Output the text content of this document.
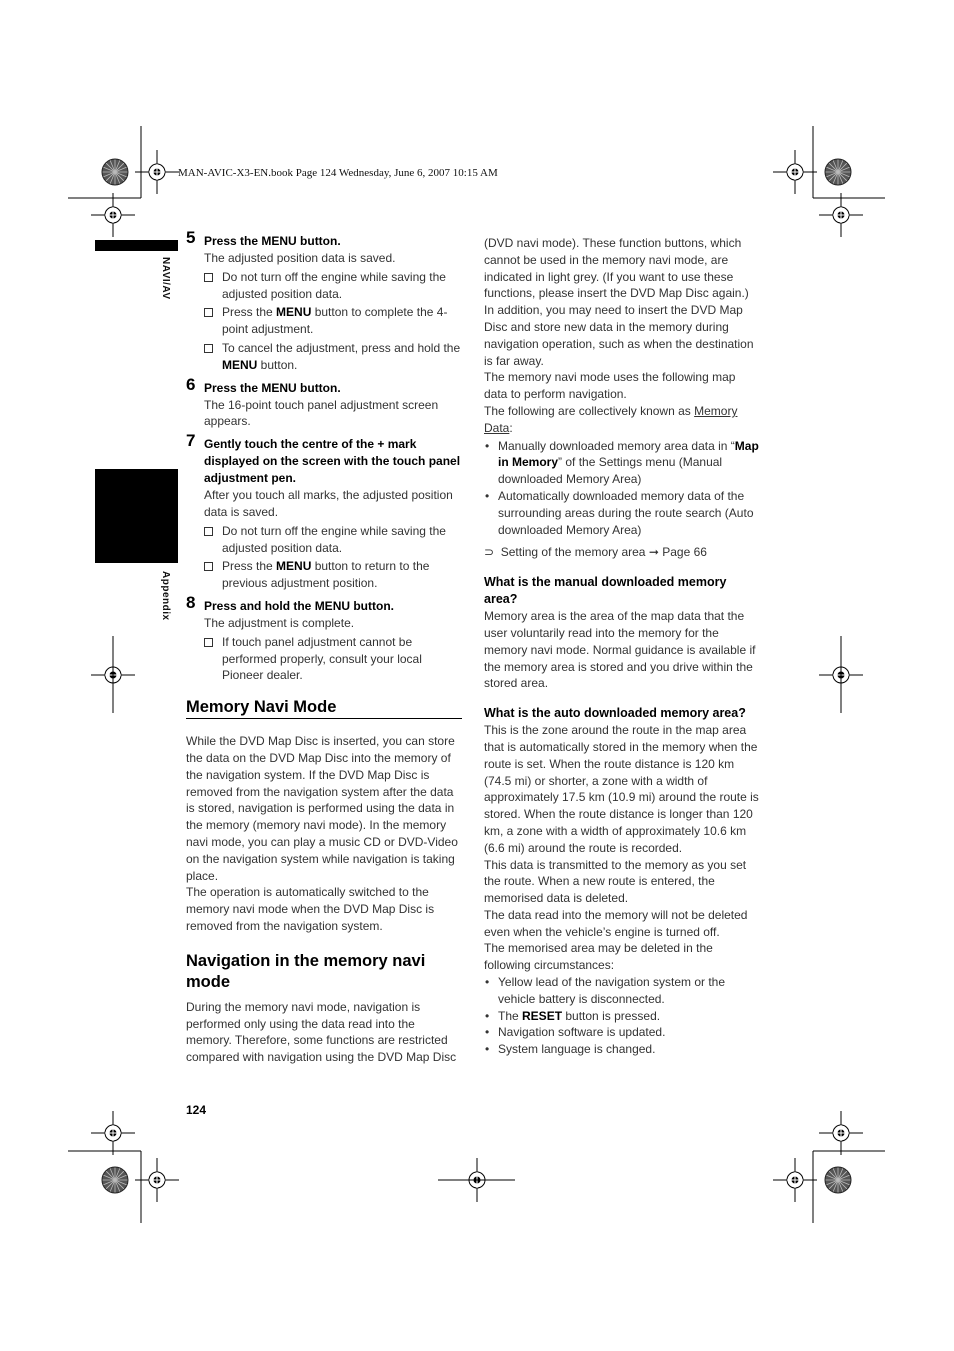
MAN-AVIC-X3-EN.book Page 124 Wednesday, June 6, 2007 10:15 AM
NAVI/AV
Appendix
5 Press the MENU button.
The adjusted position data is saved.
Do not turn off the engine while saving the adjusted position data.
Press the MENU button to complete the 4-point adjustment.
To cancel the adjustment, press and hold the MENU button.
6 Press the MENU button.
The 16-point touch panel adjustment screen appears.
7 Gently touch the centre of the + mark displayed on the screen with the touch panel adjustment pen.
After you touch all marks, the adjusted position data is saved.
Do not turn off the engine while saving the adjusted position data.
Press the MENU button to return to the previous adjustment position.
8 Press and hold the MENU button.
The adjustment is complete.
If touch panel adjustment cannot be performed properly, consult your local Pioneer dealer.
Memory Navi Mode
While the DVD Map Disc is inserted, you can store the data on the DVD Map Disc into the memory of the navigation system. If the DVD Map Disc is removed from the navigation system after the data is stored, navigation is performed using the data in the memory (memory navi mode). In the memory navi mode, you can play a music CD or DVD-Video on the navigation system while navigation is taking place.
The operation is automatically switched to the memory navi mode when the DVD Map Disc is removed from the navigation system.
Navigation in the memory navi mode
During the memory navi mode, navigation is performed only using the data read into the memory. Therefore, some functions are restricted compared with navigation using the DVD Map Disc
(DVD navi mode). These function buttons, which cannot be used in the memory navi mode, are indicated in light grey. (If you want to use these functions, please insert the DVD Map Disc again.) In addition, you may need to insert the DVD Map Disc and store new data in the memory during navigation operation, such as when the destination is far away.
The memory navi mode uses the following map data to perform navigation.
The following are collectively known as Memory Data:
• Manually downloaded memory area data in “Map in Memory” of the Settings menu (Manual downloaded Memory Area)
• Automatically downloaded memory data of the surrounding areas during the route search (Auto downloaded Memory Area)
⊃ Setting of the memory area ➞ Page 66
What is the manual downloaded memory area?
Memory area is the area of the map data that the user voluntarily read into the memory for the memory navi mode. Normal guidance is available if the memory area is stored and you drive within the stored area.
What is the auto downloaded memory area?
This is the zone around the route in the map area that is automatically stored in the memory when the route is set. When the route distance is 120 km (74.5 mi) or shorter, a zone with a width of approximately 17.5 km (10.9 mi) around the route is stored. When the route distance is longer than 120 km, a zone with a width of approximately 10.6 km (6.6 mi) around the route is recorded.
This data is transmitted to the memory as you set the route. When a new route is entered, the memorised data is deleted.
The data read into the memory will not be deleted even when the vehicle’s engine is turned off.
The memorised area may be deleted in the following circumstances:
• Yellow lead of the navigation system or the vehicle battery is disconnected.
• The RESET button is pressed.
• Navigation software is updated.
• System language is changed.
124
